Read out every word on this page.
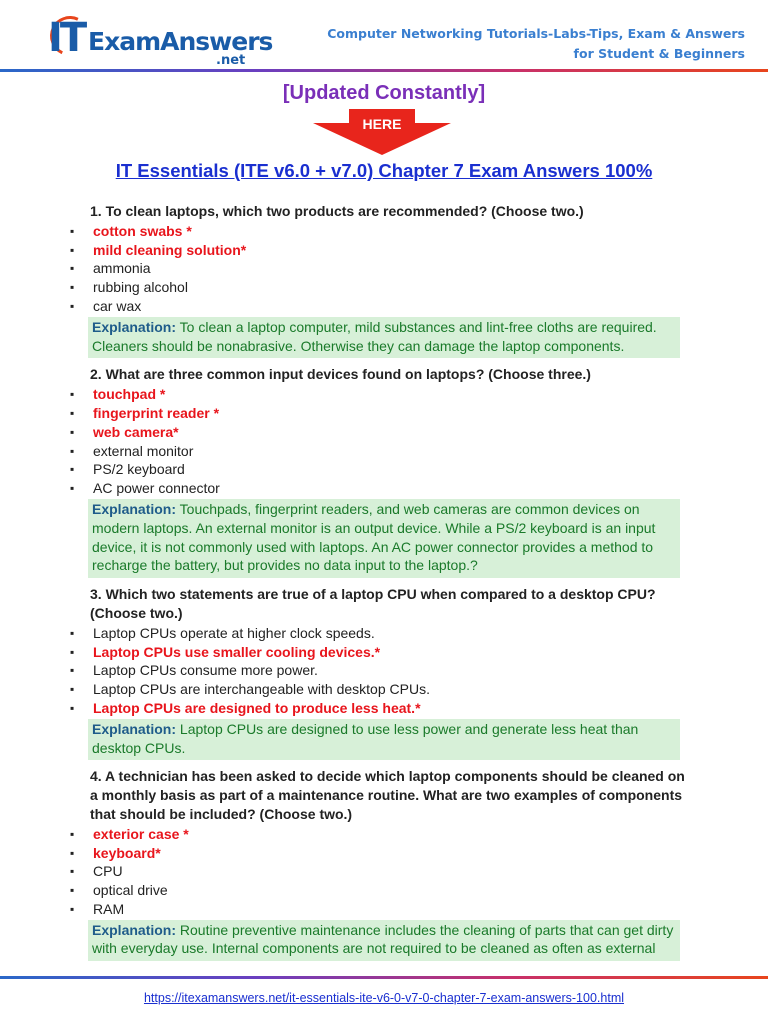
IT ExamAnswers
.net
Computer Networking Tutorials-Labs-Tips, Exam & Answers
for Student & Beginners
[Updated Constantly]
HERE
IT Essentials (ITE v6.0 + v7.0) Chapter 7 Exam Answers 100%
1. To clean laptops, which two products are recommended? (Choose two.)
▪ cotton swabs *
▪ mild cleaning solution*
▪ ammonia
▪ rubbing alcohol
▪ car wax
Explanation: To clean a laptop computer, mild substances and lint-free cloths are required. Cleaners should be nonabrasive. Otherwise they can damage the laptop components.
2. What are three common input devices found on laptops? (Choose three.)
▪ touchpad *
▪ fingerprint reader *
▪ web camera*
▪ external monitor
▪ PS/2 keyboard
▪ AC power connector
Explanation: Touchpads, fingerprint readers, and web cameras are common devices on modern laptops. An external monitor is an output device. While a PS/2 keyboard is an input device, it is not commonly used with laptops. An AC power connector provides a method to recharge the battery, but provides no data input to the laptop.?
3. Which two statements are true of a laptop CPU when compared to a desktop CPU? (Choose two.)
▪ Laptop CPUs operate at higher clock speeds.
▪ Laptop CPUs use smaller cooling devices.*
▪ Laptop CPUs consume more power.
▪ Laptop CPUs are interchangeable with desktop CPUs.
▪ Laptop CPUs are designed to produce less heat.*
Explanation: Laptop CPUs are designed to use less power and generate less heat than desktop CPUs.
4. A technician has been asked to decide which laptop components should be cleaned on a monthly basis as part of a maintenance routine. What are two examples of components that should be included? (Choose two.)
▪ exterior case *
▪ keyboard*
▪ CPU
▪ optical drive
▪ RAM
Explanation: Routine preventive maintenance includes the cleaning of parts that can get dirty with everyday use. Internal components are not required to be cleaned as often as external
https://itexamanswers.net/it-essentials-ite-v6-0-v7-0-chapter-7-exam-answers-100.html
